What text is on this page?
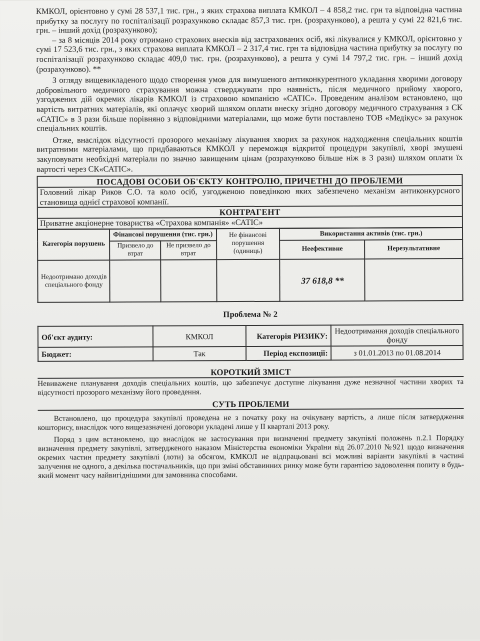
КМКОЛ, орієнтовно у сумі 28 537,1 тис. грн., з яких страхова виплата КМКОЛ – 4 858,2 тис. грн та відповідна частина прибутку за послугу по госпіталізації розрахунково складає 857,3 тис. грн. (розрахунково), а решта у сумі 22 821,6 тис. грн. – інший дохід (розрахунково);

– за 8 місяців 2014 року отримано страхових внесків від застрахованих осіб, які лікувалися у КМКОЛ, орієнтовно у сумі 17 523,6 тис. грн., з яких страхова виплата КМКОЛ – 2 317,4 тис. грн та відповідна частина прибутку за послугу по госпіталізації розрахунково складає 409,0 тис. грн. (розрахунково), а решта у сумі 14 797,2 тис. грн. – інший дохід (розрахунково). **

З огляду вищевикладеного щодо створення умов для вимушеного антиконкурентного укладання хворими договору добровільного медичного страхування можна стверджувати про наявність, після медичного прийому хворого, узгоджених дій окремих лікарів КМКОЛ із страховою компанією «САТІС». Проведеним аналізом встановлено, що вартість витратних матеріалів, які оплачує хворий шляхом оплати внеску згідно договору медичного страхування з СК «САТІС» в 3 рази більше порівняно з відповідними матеріалами, що може бути поставлено ТОВ «Медікус» за рахунок спеціальних коштів.

Отже, внаслідок відсутності прозорого механізму лікування хворих за рахунок надходження спеціальних коштів витратними матеріалами, що придбаваються КМКОЛ у переможця відкритої процедури закупівлі, хворі змушені закуповувати необхідні матеріали по значно завищеним цінам (розрахунково більше ніж в 3 рази) шляхом оплати їх вартості через СК«САТІС».

ПОСАДОВІ ОСОБИ ОБ'ЄКТУ КОНТРОЛЮ, ПРИЧЕТНІ ДО ПРОБЛЕМИ

Головний лікар Риков С.О. та коло осіб, узгодженою поведінкою яких забезпечено механізм антиконкурсного становища однієї страхової компанії.

КОНТРАГЕНТ

Приватне акціонерне товариства «Страхова компанія» «САТІС»

Категорія порушень	Фінансові порушення (тис. грн.)		Не фінансові порушення (одиниць)	Використання активів (тис. грн.)	
	Призвело до втрат	Не призвело до втрат		Неефективне	Нерезультативне
Недоотримано доходів спеціального фонду				37 618,8 **	

Проблема № 2

Об'єкт аудиту:	КМКОЛ	Категорія РИЗИКУ:	Недоотримання доходів спеціального фонду
Бюджет:	Так	Період експозиції:	з 01.01.2013 по 01.08.2014

КОРОТКИЙ ЗМІСТ

Невиважене планування доходів спеціальних коштів, що забезпечує доступне лікування дуже незначної частини хворих та відсутності прозорого механізму його проведення.

СУТЬ ПРОБЛЕМИ

Встановлено, що процедура закупівлі проведена не з початку року на очікувану вартість, а лише після затвердження кошторису, внаслідок чого вищезазначені договори укладені лише у II кварталі 2013 року.

Поряд з цим встановлено, що внаслідок не застосування при визначенні предмету закупівлі положень п.2.1 Порядку визначення предмету закупівлі, затвердженого наказом Міністерства економіки України від 26.07.2010 №921 щодо визначення окремих частин предмету закупівлі (лоти) за обсягом, КМКОЛ не відпрацьовані всі можливі варіанти закупівлі в частині залучення не одного, а декілька постачальників, що при зміні обставинних ринку може бути гарантією задоволення попиту в будь-який момент часу найвигіднішими для замовника способами.
